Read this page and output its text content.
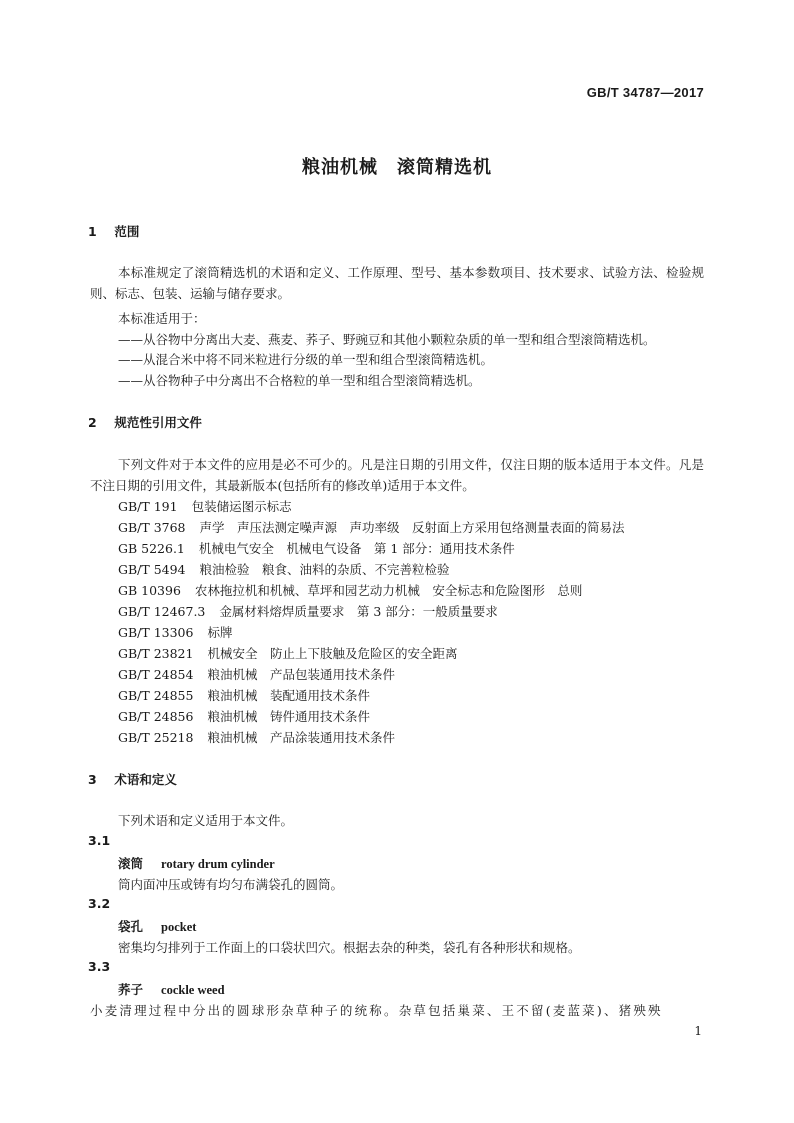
GB/T 34787—2017
粮油机械　滚筒精选机
1 范围
本标准规定了滚筒精选机的术语和定义、工作原理、型号、基本参数项目、技术要求、试验方法、检验规则、标志、包装、运输与储存要求。
本标准适用于：
——从谷物中分离出大麦、燕麦、荞子、野豌豆和其他小颗粒杂质的单一型和组合型滚筒精选机。
——从混合米中将不同米粒进行分级的单一型和组合型滚筒精选机。
——从谷物种子中分离出不合格粒的单一型和组合型滚筒精选机。
2 规范性引用文件
下列文件对于本文件的应用是必不可少的。凡是注日期的引用文件，仅注日期的版本适用于本文件。凡是不注日期的引用文件，其最新版本(包括所有的修改单)适用于本文件。
GB/T 191 包装储运图示标志
GB/T 3768 声学　声压法测定噪声源　声功率级　反射面上方采用包络测量表面的简易法
GB 5226.1 机械电气安全　机械电气设备　第 1 部分：通用技术条件
GB/T 5494 粮油检验　粮食、油料的杂质、不完善粒检验
GB 10396 农林拖拉机和机械、草坪和园艺动力机械　安全标志和危险图形　总则
GB/T 12467.3 金属材料熔焊质量要求　第 3 部分：一般质量要求
GB/T 13306 标牌
GB/T 23821 机械安全　防止上下肢触及危险区的安全距离
GB/T 24854 粮油机械　产品包装通用技术条件
GB/T 24855 粮油机械　装配通用技术条件
GB/T 24856 粮油机械　铸件通用技术条件
GB/T 25218 粮油机械　产品涂装通用技术条件
3 术语和定义
下列术语和定义适用于本文件。
3.1
滚筒 rotary drum cylinder
筒内面冲压或铸有均匀布满袋孔的圆筒。
3.2
袋孔 pocket
密集均匀排列于工作面上的口袋状凹穴。根据去杂的种类，袋孔有各种形状和规格。
3.3
荞子 cockle weed
小麦清理过程中分出的圆球形杂草种子的统称。杂草包括巢菜、王不留(麦蓝菜)、猪殃殃
1
